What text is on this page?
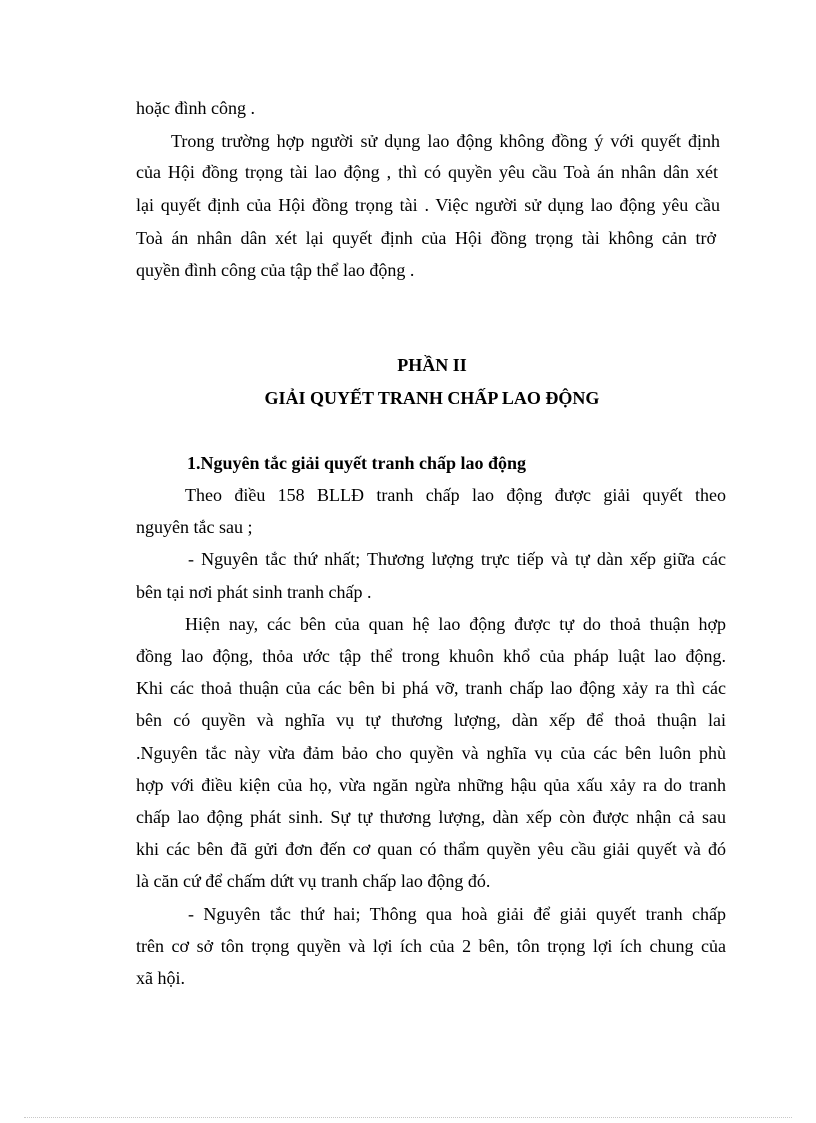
hoặc đình công .

Trong trường hợp người sử dụng lao động không đồng ý với quyết định

của Hội đồng trọng tài lao động , thì có quyền yêu cầu Toà án nhân dân xét

lại quyết định của Hội đồng trọng tài . Việc người sử dụng lao động yêu cầu

Toà án nhân dân xét lại quyết định của Hội đồng trọng tài không cản trở

quyền đình công của tập thể lao động .

PHẦN II

GIẢI QUYẾT TRANH CHẤP LAO ĐỘNG

1.Nguyên tắc giải quyết tranh chấp lao động

Theo điều 158 BLLĐ tranh chấp lao động được giải quyết theo

nguyên tắc sau ;

- Nguyên tắc thứ nhất; Thương lượng trực tiếp và tự dàn xếp giữa các

bên tại nơi phát sinh tranh chấp .

Hiện nay, các bên của quan hệ lao động được tự do thoả thuận hợp

đồng lao động, thỏa ước tập thể trong khuôn khổ của pháp luật lao động.

Khi các thoả thuận của các bên bi phá vỡ, tranh chấp lao động xảy ra thì các

bên có quyền và nghĩa vụ tự thương lượng, dàn xếp để thoả thuận lai

.Nguyên tắc này vừa đảm bảo cho quyền và nghĩa vụ của các bên luôn phù

hợp với điều kiện của họ, vừa ngăn ngừa những hậu qủa xấu xảy ra do tranh

chấp lao động phát sinh. Sự tự thương lượng, dàn xếp còn được nhận cả sau

khi các bên đã gửi đơn đến cơ quan có thẩm quyền yêu cầu giải quyết và đó

là căn cứ để chấm dứt vụ tranh chấp lao động đó.

- Nguyên tắc thứ hai; Thông qua hoà giải để giải quyết tranh chấp

trên cơ sở tôn trọng quyền và lợi ích của 2 bên, tôn trọng lợi ích chung của

xã hội.
